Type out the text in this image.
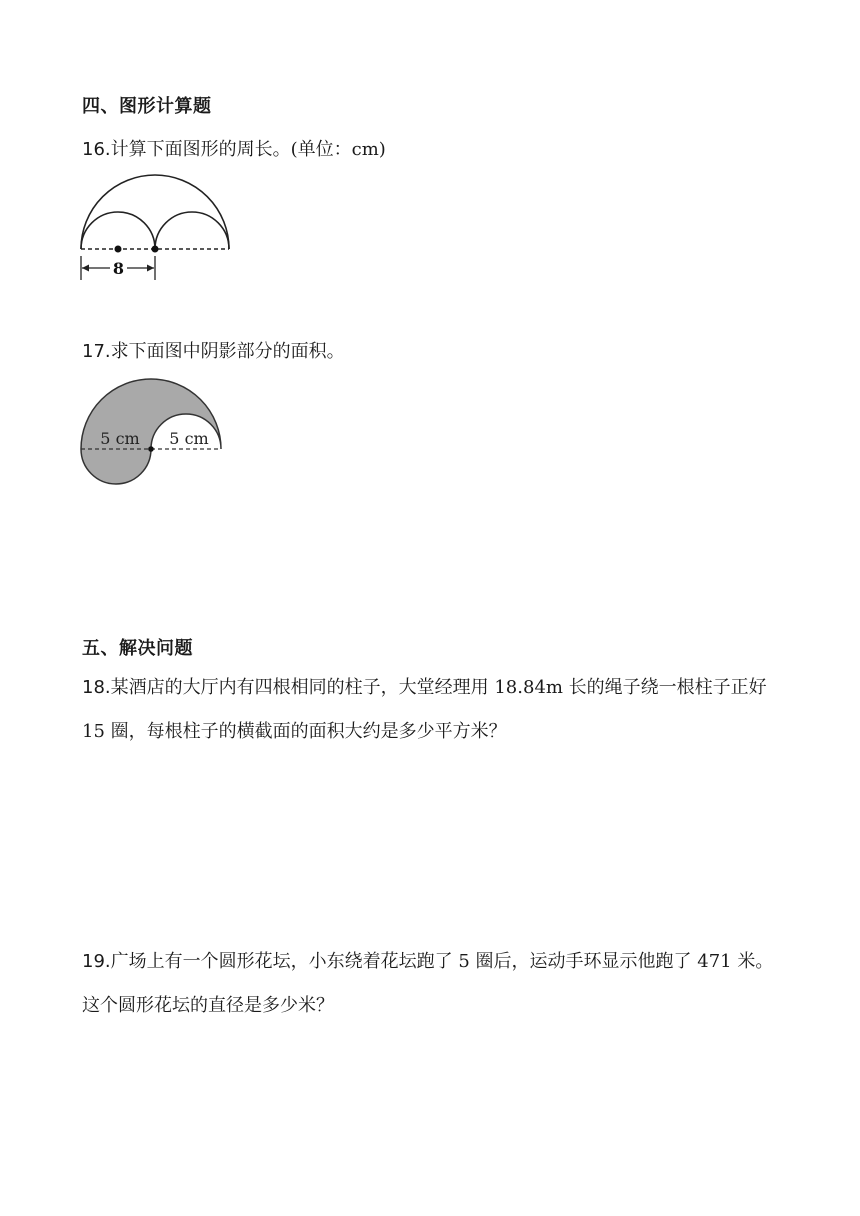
四、图形计算题
16.计算下面图形的周长。(单位：cm)
8
17.求下面图中阴影部分的面积。
5 cm 5 cm
五、解决问题
18.某酒店的大厅内有四根相同的柱子，大堂经理用 18.84m 长的绳子绕一根柱子正好 15 圈，每根柱子的横截面的面积大约是多少平方米？
19.广场上有一个圆形花坛，小东绕着花坛跑了 5 圈后，运动手环显示他跑了 471 米。这个圆形花坛的直径是多少米？
